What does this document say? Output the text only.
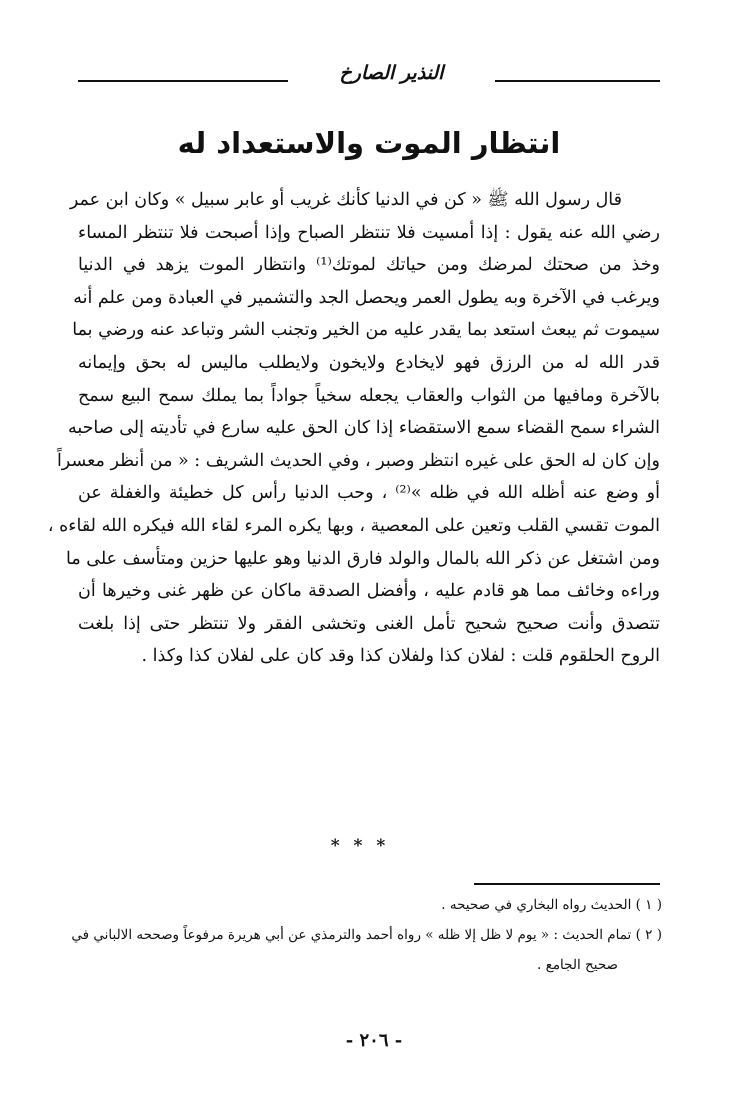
النذير الصارخ
انتظار الموت والاستعداد له
قال رسول الله ﷺ « كن في الدنيا كأنك غريب أو عابر سبيل » وكان ابن عمر
رضي الله عنه يقول : إذا أمسيت فلا تنتظر الصباح وإذا أصبحت فلا تنتظر المساء
وخذ من صحتك لمرضك ومن حياتك لموتك⁽¹⁾ وانتظار الموت يزهد في الدنيا
ويرغب في الآخرة وبه يطول العمر ويحصل الجد والتشمير في العبادة ومن علم أنه
سيموت ثم يبعث استعد بما يقدر عليه من الخير وتجنب الشر وتباعد عنه ورضي بما
قدر الله له من الرزق فهو لايخادع ولايخون ولايطلب ماليس له بحق وإيمانه
بالآخرة ومافيها من الثواب والعقاب يجعله سخياً جواداً بما يملك سمح البيع سمح
الشراء سمح القضاء سمع الاستقضاء إذا كان الحق عليه سارع في تأديته إلى صاحبه
وإن كان له الحق على غيره انتظر وصبر ، وفي الحديث الشريف : « من أنظر معسراً
أو وضع عنه أظله الله في ظله »⁽²⁾ ، وحب الدنيا رأس كل خطيئة والغفلة عن
الموت تقسي القلب وتعين على المعصية ، وبها يكره المرء لقاء الله فيكره الله لقاءه ،
ومن اشتغل عن ذكر الله بالمال والولد فارق الدنيا وهو عليها حزين ومتأسف على ما
وراءه وخائف مما هو قادم عليه ، وأفضل الصدقة ماكان عن ظهر غنى وخيرها أن
تتصدق وأنت صحيح شحيح تأمل الغنى وتخشى الفقر ولا تنتظر حتى إذا بلغت
الروح الحلقوم قلت : لفلان كذا ولفلان كذا وقد كان على لفلان كذا وكذا .
* * *
( ١ ) الحديث رواه البخاري في صحيحه .
( ٢ ) تمام الحديث : « يوم لا ظل إلا ظله » رواه أحمد والترمذي عن أبي هريرة مرفوعاً وصححه الالباني في
صحيح الجامع .
- ٢٠٦ -
